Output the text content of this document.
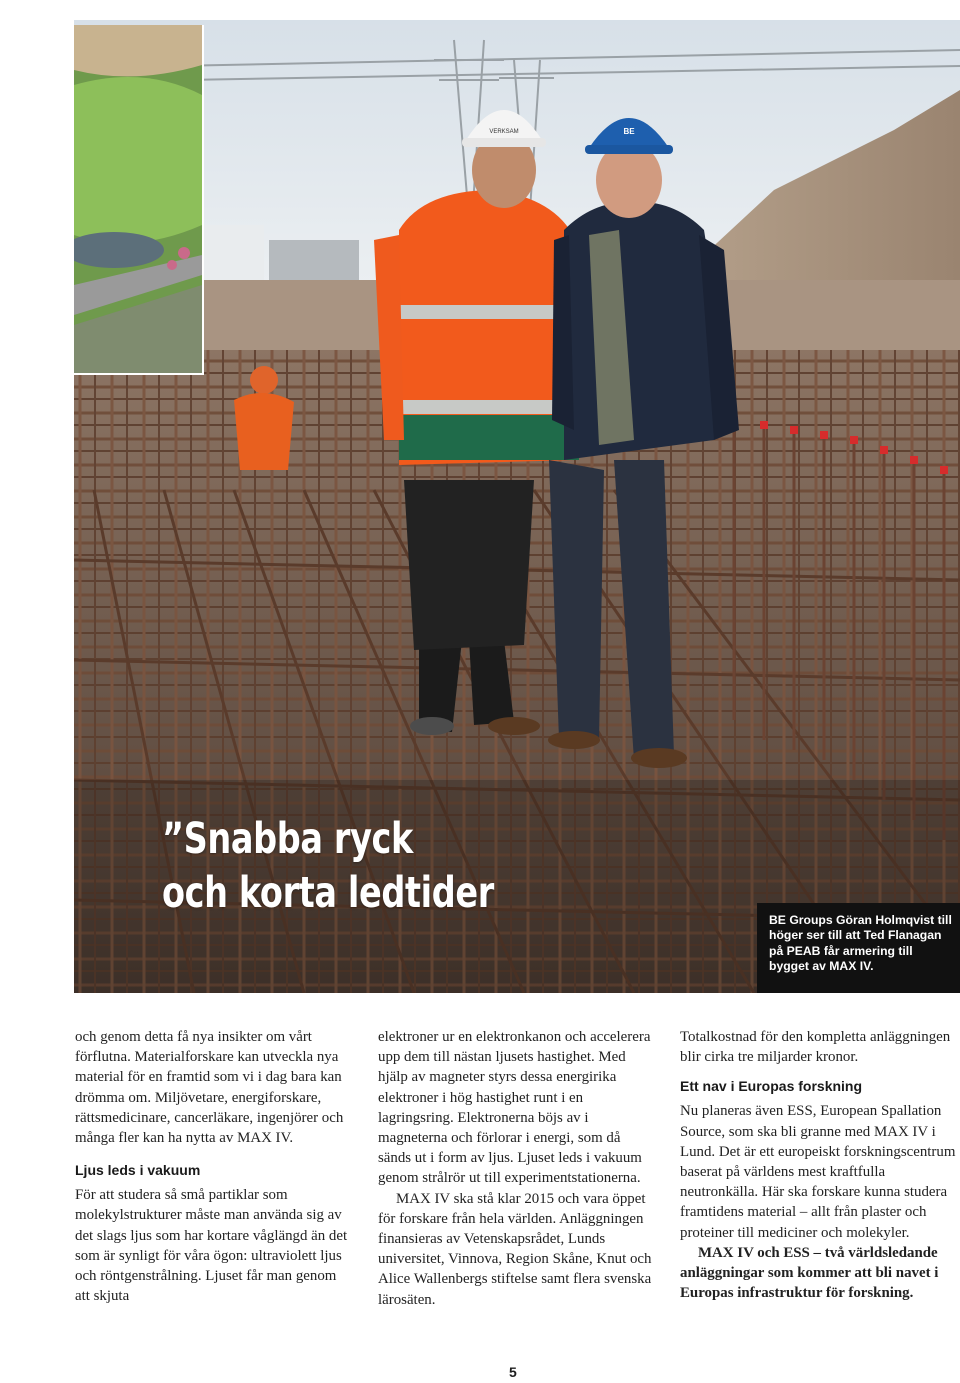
VERKSAM	BE
”Snabba ryck
och korta ledtider

BE Groups Göran Holmqvist till höger ser till att Ted Flanagan på PEAB får armering till bygget av MAX IV.

och genom detta få nya insikter om vårt förflutna. Materialforskare kan utveckla nya material för en framtid som vi i dag bara kan drömma om. Miljövetare, energiforskare, rättsmedicinare, cancerläkare, ingenjörer och många fler kan ha nytta av MAX IV.

Ljus leds i vakuum

För att studera så små partiklar som molekylstrukturer måste man använda sig av det slags ljus som har kortare våglängd än det som är synligt för våra ögon: ultraviolett ljus och röntgenstrålning. Ljuset får man genom att skjuta

elektroner ur en elektronkanon och accelerera upp dem till nästan ljusets hastighet. Med hjälp av magneter styrs dessa energirika elektroner i hög hastighet runt i en lagringsring. Elektronerna böjs av i magneterna och förlorar i energi, som då sänds ut i form av ljus. Ljuset leds i vakuum genom strålrör ut till experimentstationerna.

MAX IV ska stå klar 2015 och vara öppet för forskare från hela världen. Anläggningen finansieras av Vetenskapsrådet, Lunds universitet, Vinnova, Region Skåne, Knut och Alice Wallenbergs stiftelse samt flera svenska lärosäten.

Totalkostnad för den kompletta anläggningen blir cirka tre miljarder kronor.

Ett nav i Europas forskning

Nu planeras även ESS, European Spallation Source, som ska bli granne med MAX IV i Lund. Det är ett europeiskt forskningscentrum baserat på världens mest kraftfulla neutronkälla. Här ska forskare kunna studera framtidens material – allt från plaster och proteiner till mediciner och molekyler.

MAX IV och ESS – två världsledande anläggningar som kommer att bli navet i Europas infrastruktur för forskning.

5
